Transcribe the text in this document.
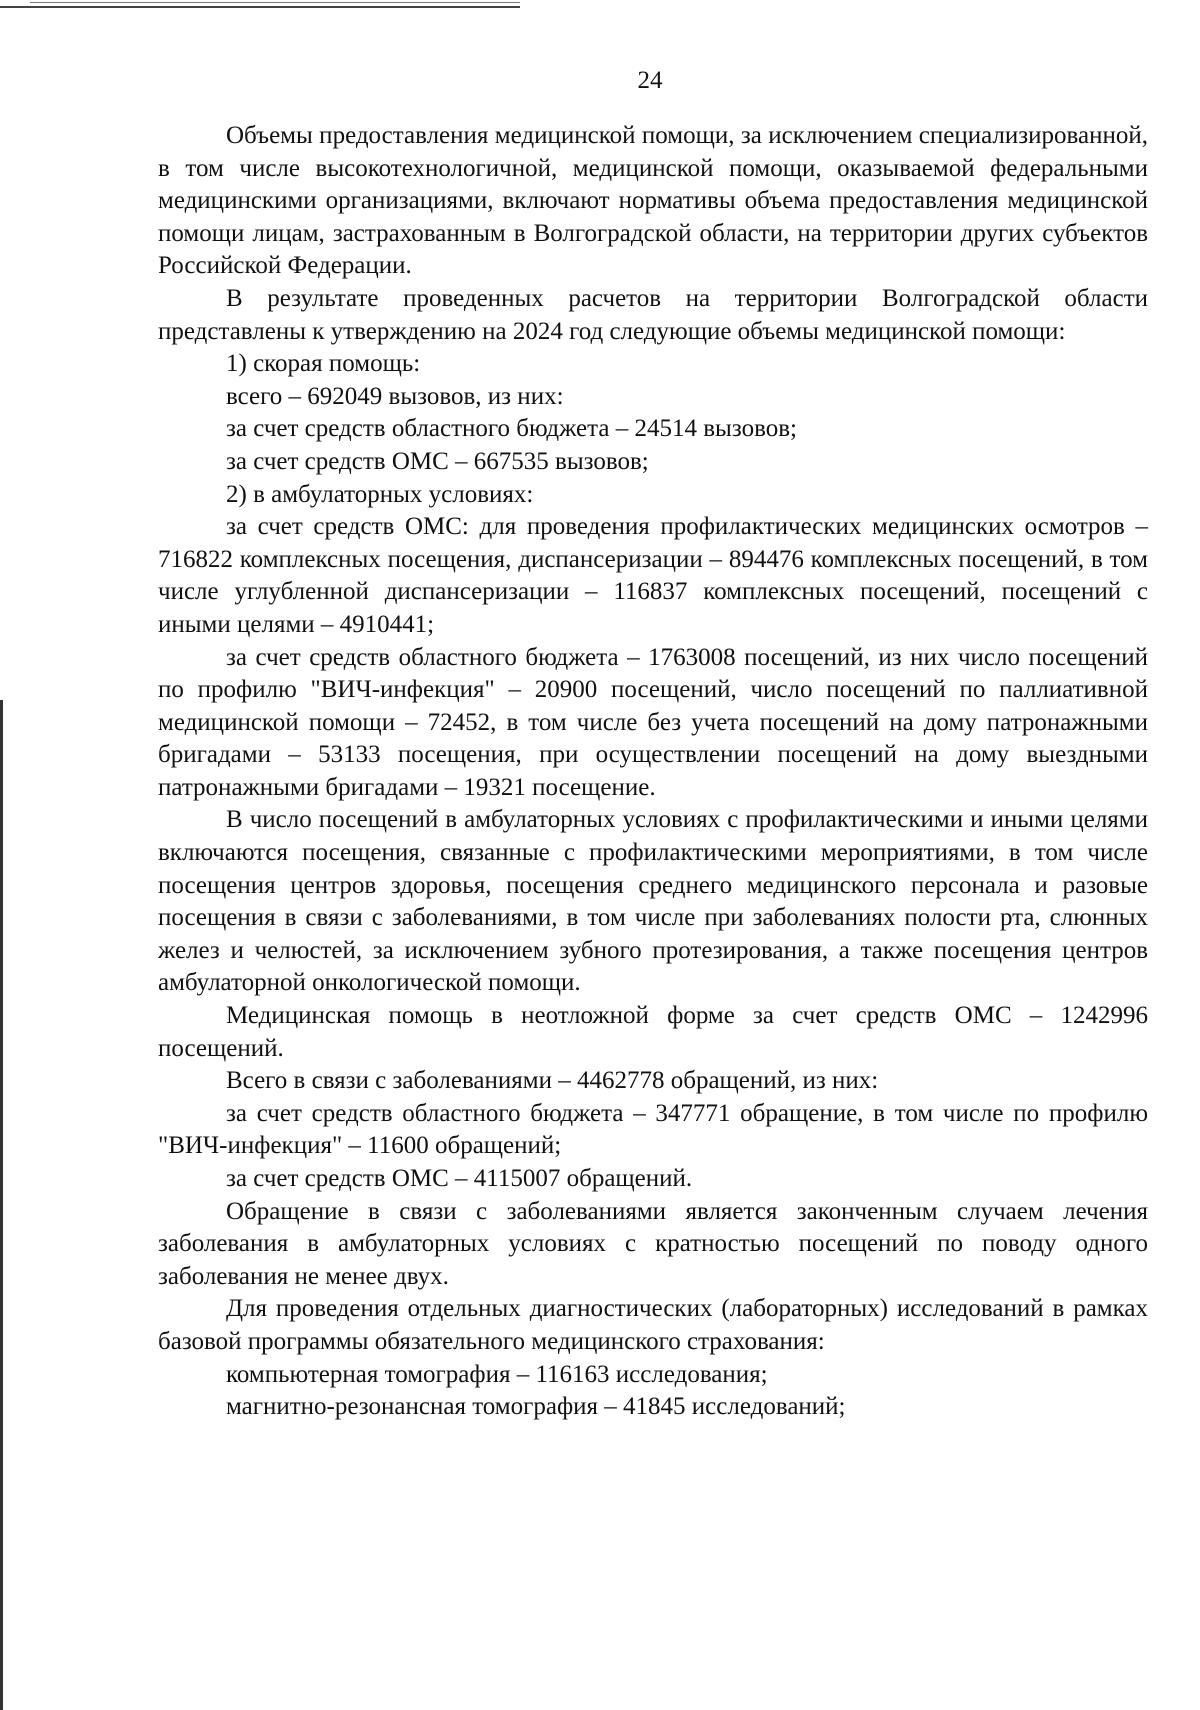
24

Объемы предоставления медицинской помощи, за исключением специализированной, в том числе высокотехнологичной, медицинской помощи, оказываемой федеральными медицинскими организациями, включают нормативы объема предоставления медицинской помощи лицам, застрахованным в Волгоградской области, на территории других субъектов Российской Федерации.

В результате проведенных расчетов на территории Волгоградской области представлены к утверждению на 2024 год следующие объемы медицинской помощи:

1) скорая помощь:

всего – 692049 вызовов, из них:

за счет средств областного бюджета – 24514 вызовов;

за счет средств ОМС – 667535 вызовов;

2) в амбулаторных условиях:

за счет средств ОМС: для проведения профилактических медицинских осмотров – 716822 комплексных посещения, диспансеризации – 894476 комплексных посещений, в том числе углубленной диспансеризации – 116837 комплексных посещений, посещений с иными целями – 4910441;

за счет средств областного бюджета – 1763008 посещений, из них число посещений по профилю "ВИЧ-инфекция" – 20900 посещений, число посещений по паллиативной медицинской помощи – 72452, в том числе без учета посещений на дому патронажными бригадами – 53133 посещения, при осуществлении посещений на дому выездными патронажными бригадами – 19321 посещение.

В число посещений в амбулаторных условиях с профилактическими и иными целями включаются посещения, связанные с профилактическими мероприятиями, в том числе посещения центров здоровья, посещения среднего медицинского персонала и разовые посещения в связи с заболеваниями, в том числе при заболеваниях полости рта, слюнных желез и челюстей, за исключением зубного протезирования, а также посещения центров амбулаторной онкологической помощи.

Медицинская помощь в неотложной форме за счет средств ОМС – 1242996 посещений.

Всего в связи с заболеваниями – 4462778 обращений, из них:

за счет средств областного бюджета – 347771 обращение, в том числе по профилю "ВИЧ-инфекция" – 11600 обращений;

за счет средств ОМС – 4115007 обращений.

Обращение в связи с заболеваниями является законченным случаем лечения заболевания в амбулаторных условиях с кратностью посещений по поводу одного заболевания не менее двух.

Для проведения отдельных диагностических (лабораторных) исследований в рамках базовой программы обязательного медицинского страхования:

компьютерная томография – 116163 исследования;

магнитно-резонансная томография – 41845 исследований;
